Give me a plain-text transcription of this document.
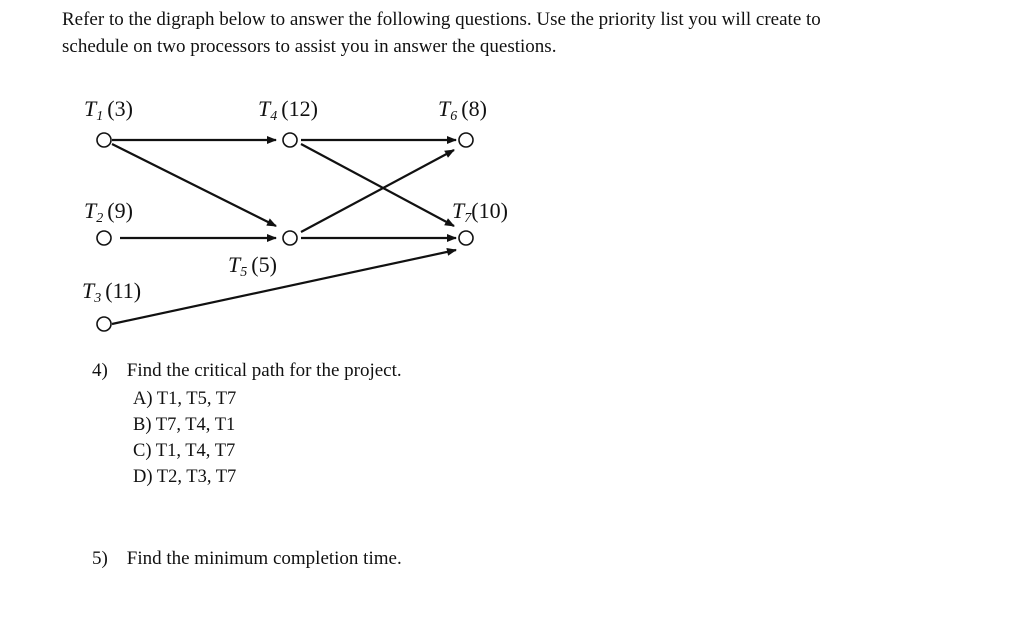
Refer to the digraph below to answer the following questions. Use the priority list you will create to
schedule on two processors to assist you in answer the questions.
T1 (3)	T4 (12)	T6 (8)
T2 (9)	T7(10)
T5 (5)
T3 (11)
4) Find the critical path for the project.
A) T1, T5, T7
B) T7, T4, T1
C) T1, T4, T7
D) T2, T3, T7
5) Find the minimum completion time.
